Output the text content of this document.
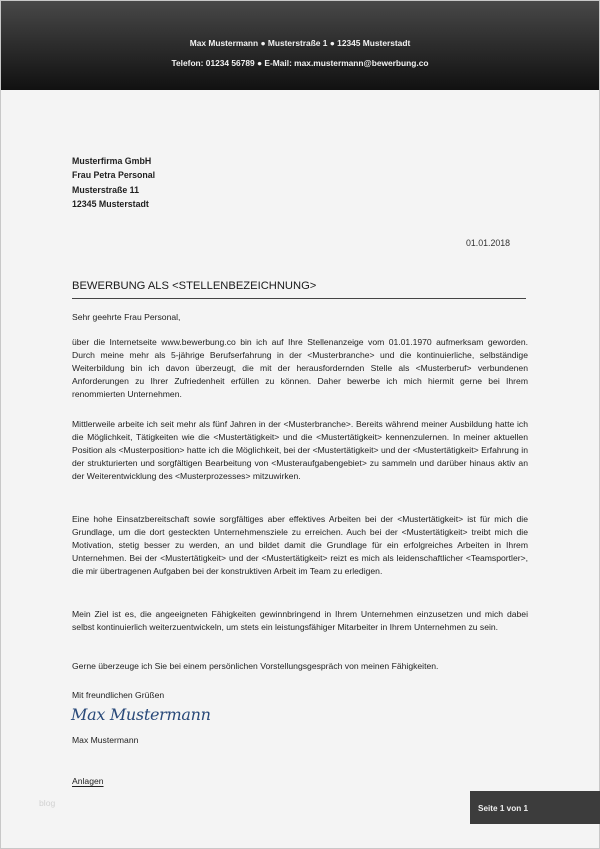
Max Mustermann ● Musterstraße 1 ● 12345 Musterstadt
Telefon: 01234 56789 ● E-Mail: max.mustermann@bewerbung.co
Musterfirma GmbH
Frau Petra Personal
Musterstraße 11
12345 Musterstadt
01.01.2018
BEWERBUNG ALS <STELLENBEZEICHNUNG>
Sehr geehrte Frau Personal,

über die Internetseite www.bewerbung.co bin ich auf Ihre Stellenanzeige vom 01.01.1970 aufmerksam geworden. Durch meine mehr als 5-jährige Berufserfahrung in der <Musterbranche> und die kontinuierliche, selbständige Weiterbildung bin ich davon überzeugt, die mit der herausfordernden Stelle als <Musterberuf> verbundenen Anforderungen zu Ihrer Zufriedenheit erfüllen zu können. Daher bewerbe ich mich hiermit gerne bei Ihrem renommierten Unternehmen.

Mittlerweile arbeite ich seit mehr als fünf Jahren in der <Musterbranche>. Bereits während meiner Ausbildung hatte ich die Möglichkeit, Tätigkeiten wie die <Mustertätigkeit> und die <Mustertätigkeit> kennenzulernen. In meiner aktuellen Position als <Musterposition> hatte ich die Möglichkeit, bei der <Mustertätigkeit> und der <Mustertätigkeit> Erfahrung in der strukturierten und sorgfältigen Bearbeitung von <Musteraufgabengebiet> zu sammeln und darüber hinaus aktiv an der Weiterentwicklung des <Musterprozesses> mitzuwirken.

Eine hohe Einsatzbereitschaft sowie sorgfältiges aber effektives Arbeiten bei der <Mustertätigkeit> ist für mich die Grundlage, um die dort gesteckten Unternehmensziele zu erreichen. Auch bei der <Mustertätigkeit> treibt mich die Motivation, stetig besser zu werden, an und bildet damit die Grundlage für ein erfolgreiches Arbeiten in Ihrem Unternehmen. Bei der <Mustertätigkeit> und der <Mustertätigkeit> reizt es mich als leidenschaftlicher <Teamsportler>, die mir übertragenen Aufgaben bei der konstruktiven Arbeit im Team zu erledigen.

Mein Ziel ist es, die angeeigneten Fähigkeiten gewinnbringend in Ihrem Unternehmen einzusetzen und mich dabei selbst kontinuierlich weiterzuentwickeln, um stets ein leistungsfähiger Mitarbeiter in Ihrem Unternehmen zu sein.

Gerne überzeuge ich Sie bei einem persönlichen Vorstellungsgespräch von meinen Fähigkeiten.

Mit freundlichen Grüßen
Max Mustermann
Max Mustermann
Anlagen
blog
Seite 1 von 1
